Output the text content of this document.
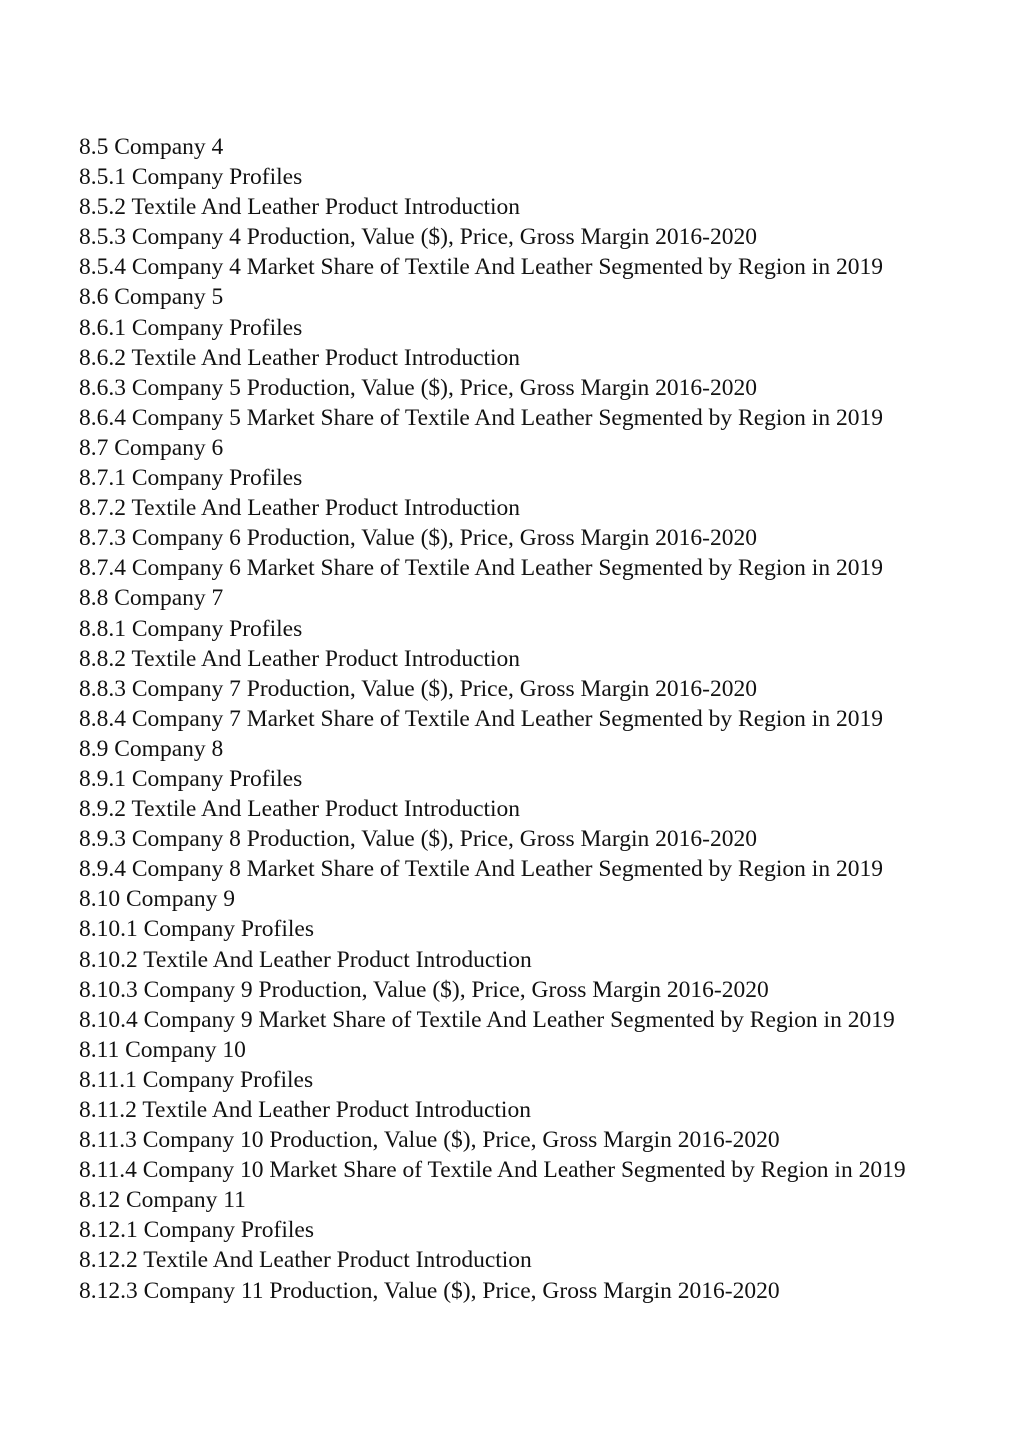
8.5 Company 4
8.5.1 Company Profiles
8.5.2 Textile And Leather Product Introduction
8.5.3 Company 4 Production, Value ($), Price, Gross Margin 2016-2020
8.5.4 Company 4 Market Share of Textile And Leather Segmented by Region in 2019
8.6 Company 5
8.6.1 Company Profiles
8.6.2 Textile And Leather Product Introduction
8.6.3 Company 5 Production, Value ($), Price, Gross Margin 2016-2020
8.6.4 Company 5 Market Share of Textile And Leather Segmented by Region in 2019
8.7 Company 6
8.7.1 Company Profiles
8.7.2 Textile And Leather Product Introduction
8.7.3 Company 6 Production, Value ($), Price, Gross Margin 2016-2020
8.7.4 Company 6 Market Share of Textile And Leather Segmented by Region in 2019
8.8 Company 7
8.8.1 Company Profiles
8.8.2 Textile And Leather Product Introduction
8.8.3 Company 7 Production, Value ($), Price, Gross Margin 2016-2020
8.8.4 Company 7 Market Share of Textile And Leather Segmented by Region in 2019
8.9 Company 8
8.9.1 Company Profiles
8.9.2 Textile And Leather Product Introduction
8.9.3 Company 8 Production, Value ($), Price, Gross Margin 2016-2020
8.9.4 Company 8 Market Share of Textile And Leather Segmented by Region in 2019
8.10 Company 9
8.10.1 Company Profiles
8.10.2 Textile And Leather Product Introduction
8.10.3 Company 9 Production, Value ($), Price, Gross Margin 2016-2020
8.10.4 Company 9 Market Share of Textile And Leather Segmented by Region in 2019
8.11 Company 10
8.11.1 Company Profiles
8.11.2 Textile And Leather Product Introduction
8.11.3 Company 10 Production, Value ($), Price, Gross Margin 2016-2020
8.11.4 Company 10 Market Share of Textile And Leather Segmented by Region in 2019
8.12 Company 11
8.12.1 Company Profiles
8.12.2 Textile And Leather Product Introduction
8.12.3 Company 11 Production, Value ($), Price, Gross Margin 2016-2020
